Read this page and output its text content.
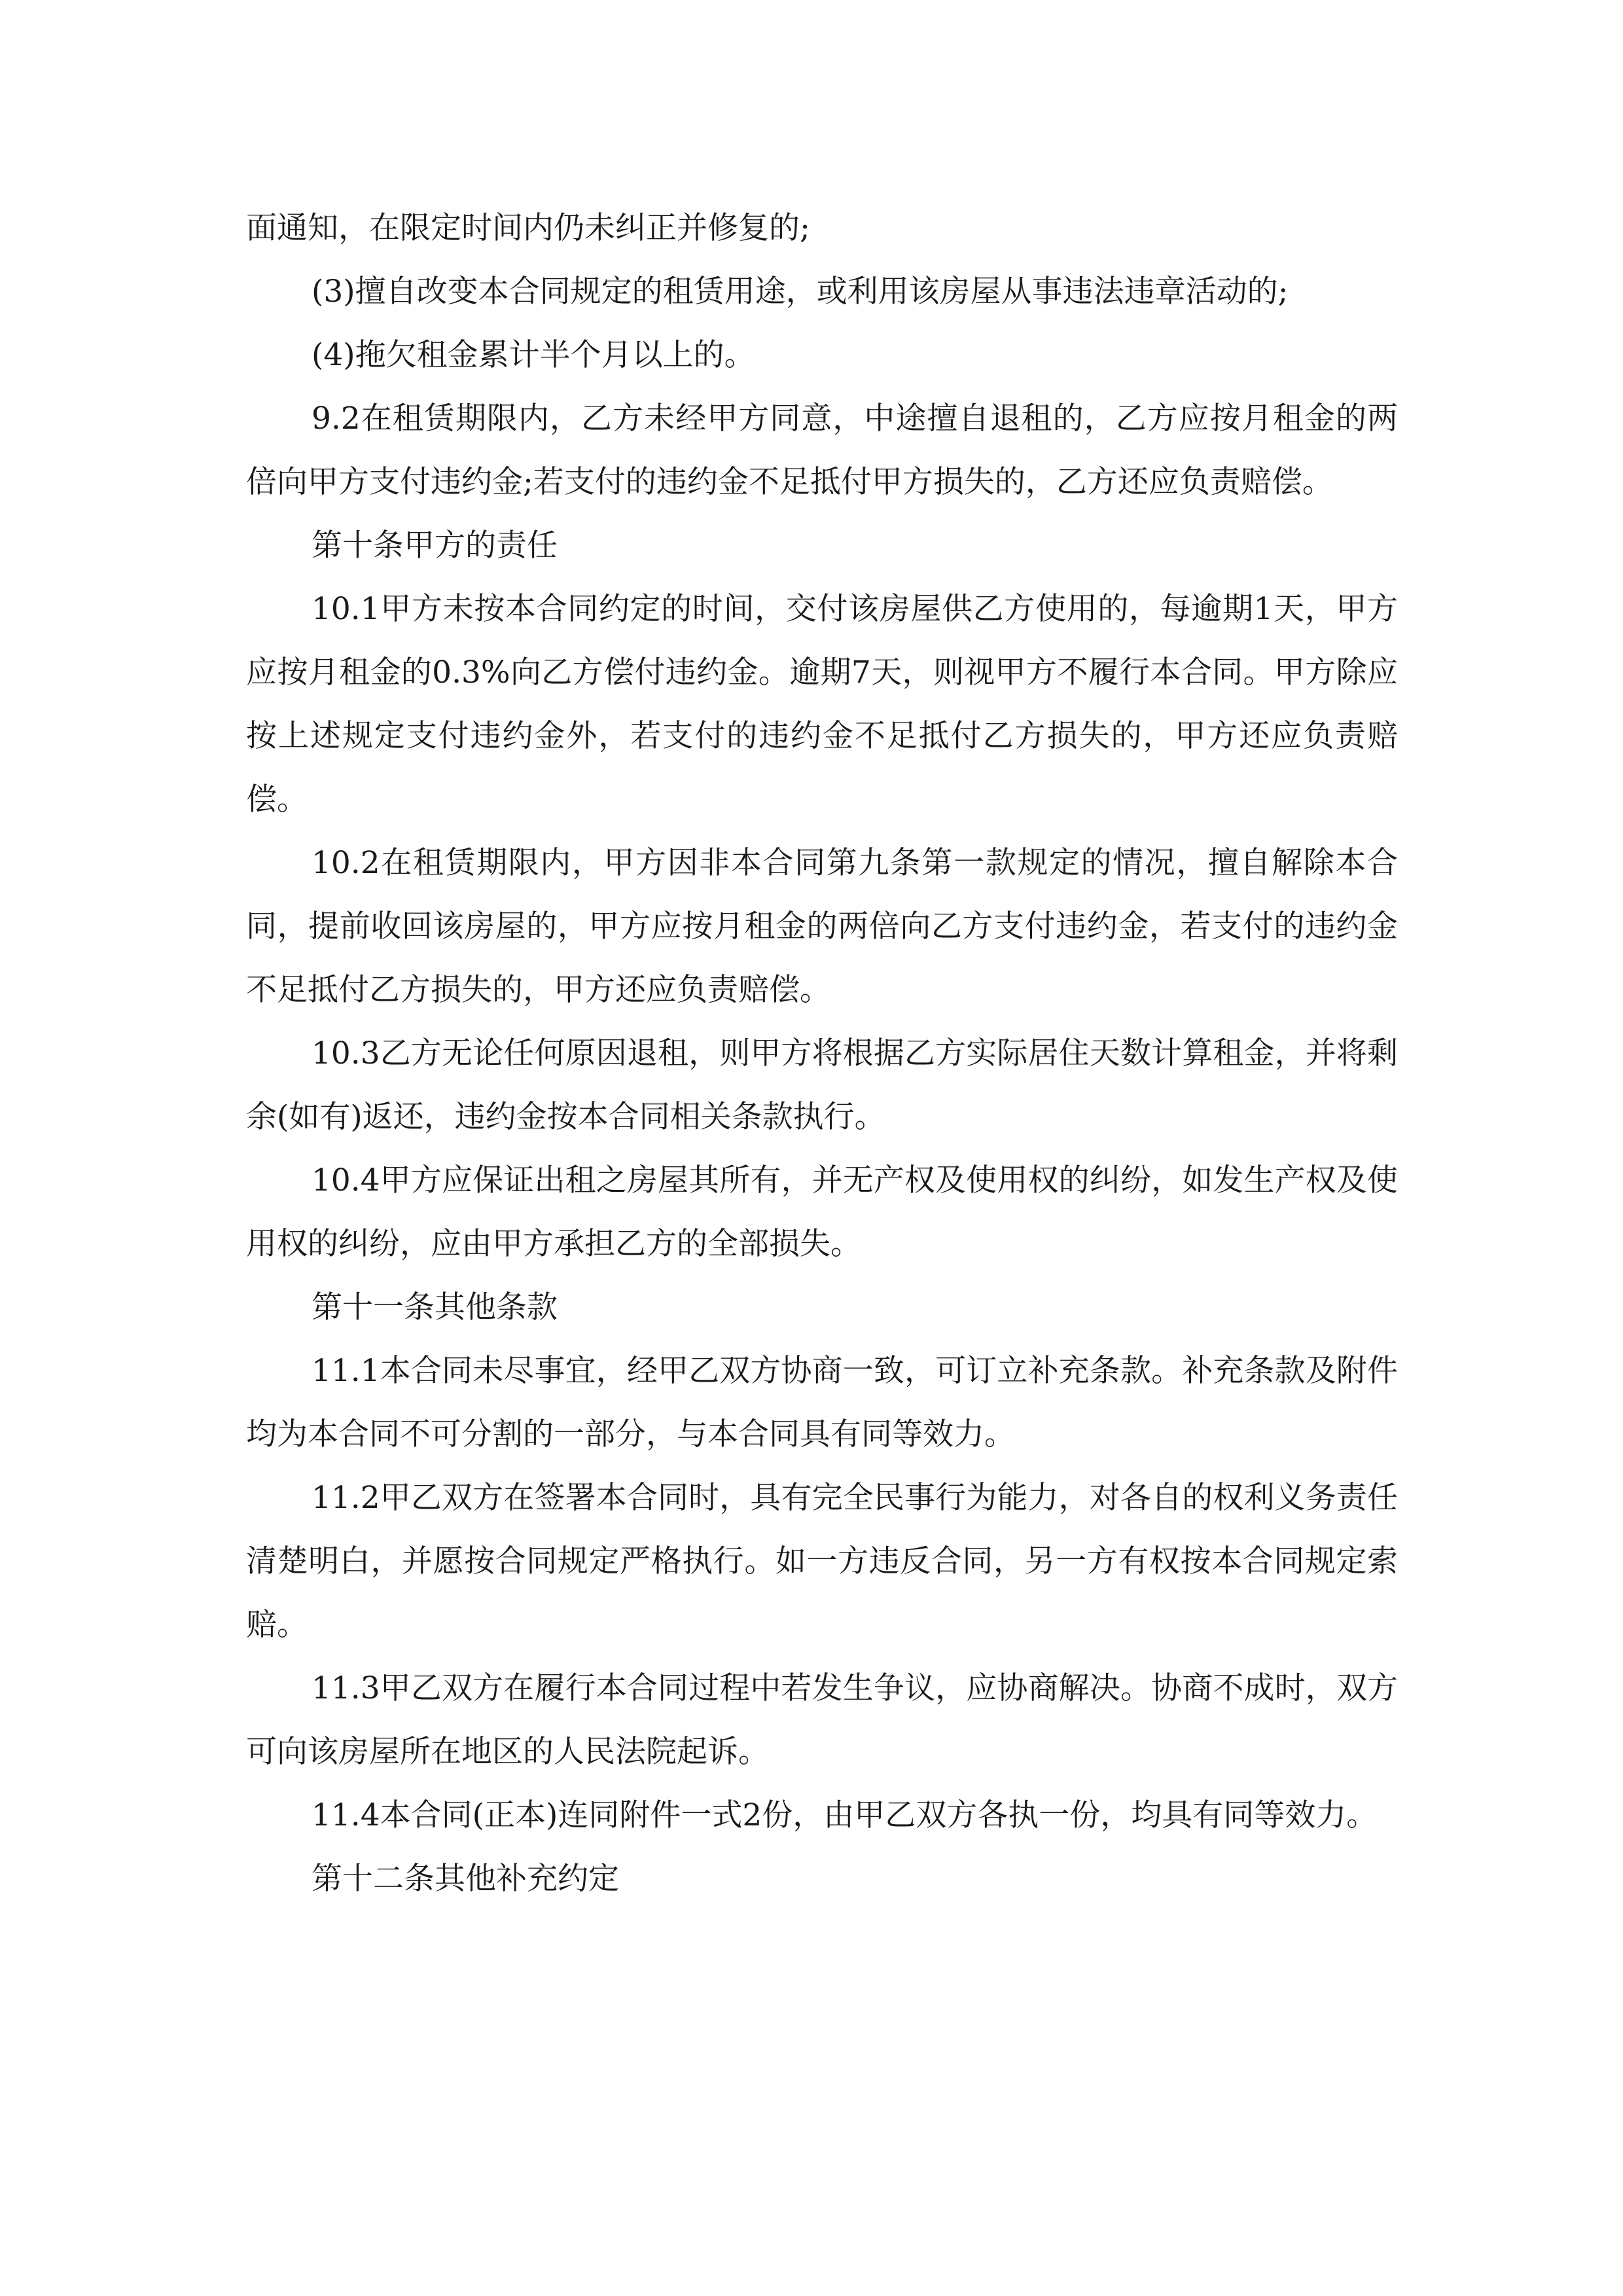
面通知，在限定时间内仍未纠正并修复的;

(3)擅自改变本合同规定的租赁用途，或利用该房屋从事违法违章活动的;

(4)拖欠租金累计半个月以上的。

9.2在租赁期限内，乙方未经甲方同意，中途擅自退租的，乙方应按月租金的两倍向甲方支付违约金;若支付的违约金不足抵付甲方损失的，乙方还应负责赔偿。

第十条甲方的责任

10.1甲方未按本合同约定的时间，交付该房屋供乙方使用的，每逾期1天，甲方应按月租金的0.3%向乙方偿付违约金。逾期7天，则视甲方不履行本合同。甲方除应按上述规定支付违约金外，若支付的违约金不足抵付乙方损失的，甲方还应负责赔偿。

10.2在租赁期限内，甲方因非本合同第九条第一款规定的情况，擅自解除本合同，提前收回该房屋的，甲方应按月租金的两倍向乙方支付违约金，若支付的违约金不足抵付乙方损失的，甲方还应负责赔偿。

10.3乙方无论任何原因退租，则甲方将根据乙方实际居住天数计算租金，并将剩余(如有)返还，违约金按本合同相关条款执行。

10.4甲方应保证出租之房屋其所有，并无产权及使用权的纠纷，如发生产权及使用权的纠纷，应由甲方承担乙方的全部损失。

第十一条其他条款

11.1本合同未尽事宜，经甲乙双方协商一致，可订立补充条款。补充条款及附件均为本合同不可分割的一部分，与本合同具有同等效力。

11.2甲乙双方在签署本合同时，具有完全民事行为能力，对各自的权利义务责任清楚明白，并愿按合同规定严格执行。如一方违反合同，另一方有权按本合同规定索赔。

11.3甲乙双方在履行本合同过程中若发生争议，应协商解决。协商不成时，双方可向该房屋所在地区的人民法院起诉。

11.4本合同(正本)连同附件一式2份，由甲乙双方各执一份，均具有同等效力。

第十二条其他补充约定
